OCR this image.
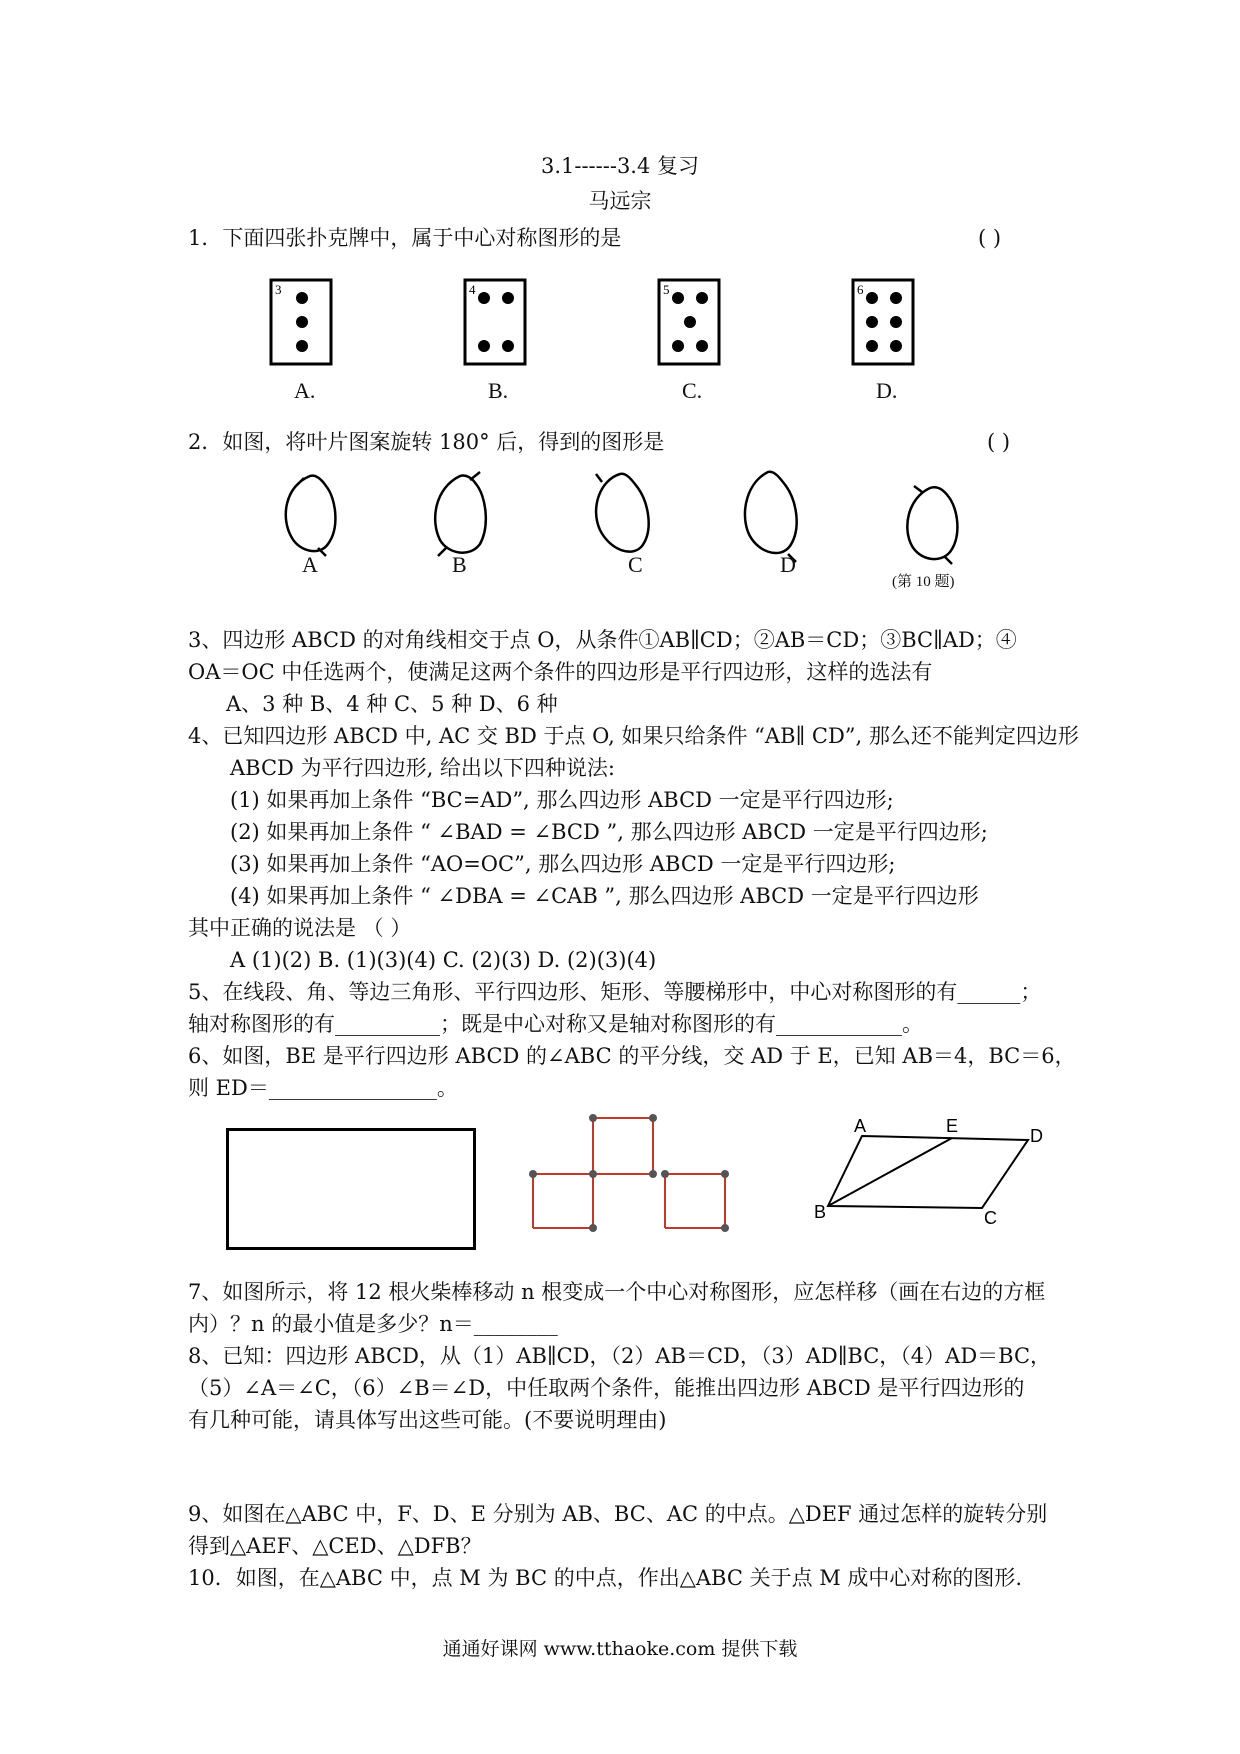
3.1------3.4 复习
马远宗
1．下面四张扑克牌中，属于中心对称图形的是	( )
3	4	5	6
A.	B.	C.	D.
2．如图，将叶片图案旋转 180° 后，得到的图形是	( )
A	B	C	D
(第 10 题)
3、四边形 ABCD 的对角线相交于点 O，从条件①AB∥CD；②AB＝CD；③BC∥AD；④
OA＝OC 中任选两个，使满足这两个条件的四边形是平行四边形，这样的选法有
A、3 种 B、4 种 C、5 种 D、6 种
4、已知四边形 ABCD 中, AC 交 BD 于点 O, 如果只给条件 “AB∥ CD”, 那么还不能判定四边形
ABCD 为平行四边形, 给出以下四种说法:
(1) 如果再加上条件 “BC=AD”, 那么四边形 ABCD 一定是平行四边形;
(2) 如果再加上条件 “ ∠BAD = ∠BCD ”, 那么四边形 ABCD 一定是平行四边形;
(3) 如果再加上条件 “AO=OC”, 那么四边形 ABCD 一定是平行四边形;
(4) 如果再加上条件 “ ∠DBA = ∠CAB ”, 那么四边形 ABCD 一定是平行四边形
其中正确的说法是 （ ）
A (1)(2) B. (1)(3)(4) C. (2)(3) D. (2)(3)(4)
5、在线段、角、等边三角形、平行四边形、矩形、等腰梯形中，中心对称图形的有______；
轴对称图形的有__________；既是中心对称又是轴对称图形的有____________。
6、如图，BE 是平行四边形 ABCD 的∠ABC 的平分线，交 AD 于 E，已知 AB＝4，BC＝6，
则 ED＝________________。
A	E	D
B	C
7、如图所示，将 12 根火柴棒移动 n 根变成一个中心对称图形，应怎样移（画在右边的方框
内）？n 的最小值是多少？n＝________
8、已知：四边形 ABCD，从（1）AB∥CD，（2）AB＝CD，（3）AD∥BC，（4）AD＝BC，
（5）∠A＝∠C，（6）∠B＝∠D，中任取两个条件，能推出四边形 ABCD 是平行四边形的
有几种可能，请具体写出这些可能。(不要说明理由)
9、如图在△ABC 中，F、D、E 分别为 AB、BC、AC 的中点。△DEF 通过怎样的旋转分别
得到△AEF、△CED、△DFB？
10．如图，在△ABC 中，点 M 为 BC 的中点，作出△ABC 关于点 M 成中心对称的图形.
通通好课网 www.tthaoke.com 提供下载
